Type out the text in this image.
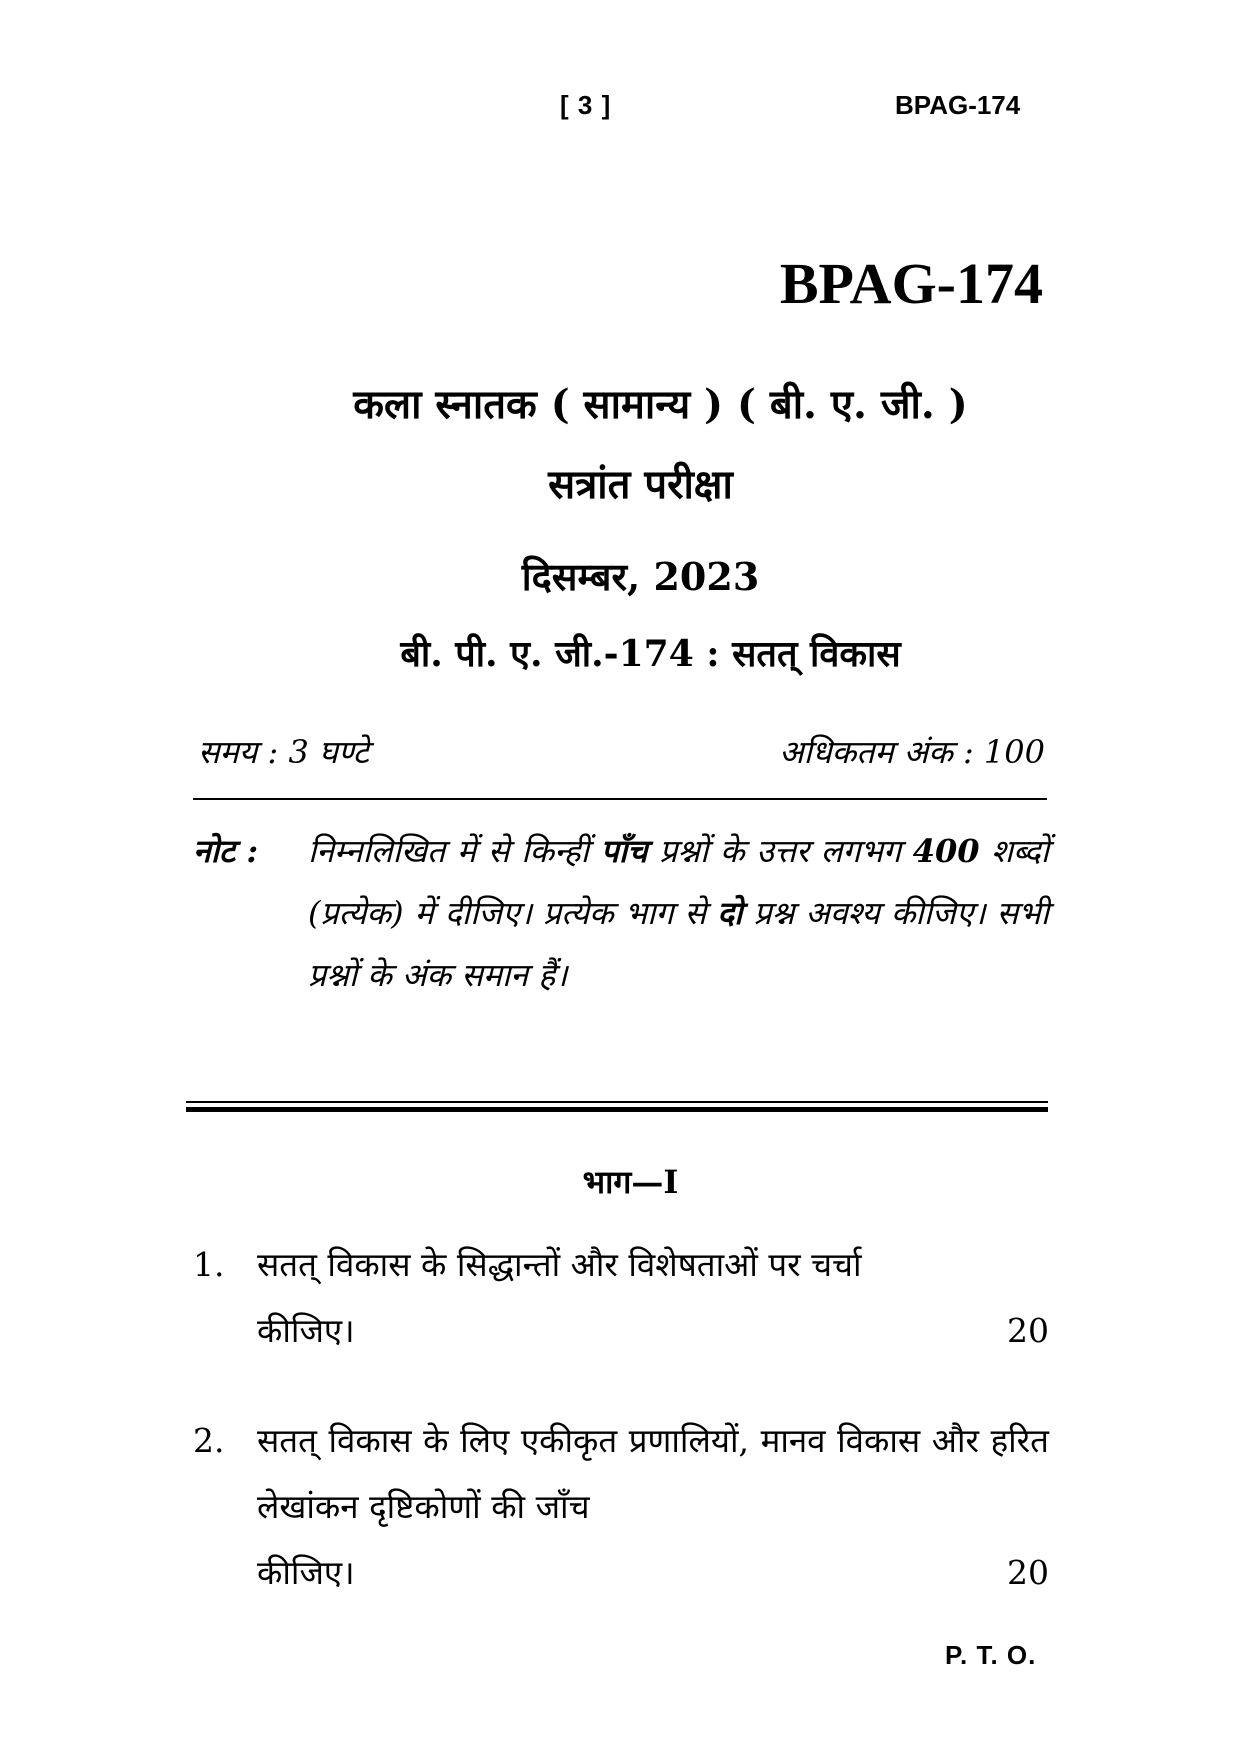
[ 3 ]	BPAG-174
BPAG-174
कला स्नातक ( सामान्य ) ( बी. ए. जी. )
सत्रांत परीक्षा
दिसम्बर, 2023
बी. पी. ए. जी.-174 : सतत् विकास
समय : 3 घण्टे	अधिकतम अंक : 100
नोट :	निम्नलिखित में से किन्हीं पाँच प्रश्नों के उत्तर लगभग 400 शब्दों (प्रत्येक) में दीजिए। प्रत्येक भाग से दो प्रश्न अवश्य कीजिए। सभी प्रश्नों के अंक समान हैं।
भाग—I
1. सतत् विकास के सिद्धान्तों और विशेषताओं पर चर्चा
कीजिए।	20
2. सतत् विकास के लिए एकीकृत प्रणालियों, मानव विकास और हरित लेखांकन दृष्टिकोणों की जाँच
कीजिए।	20
P. T. O.
